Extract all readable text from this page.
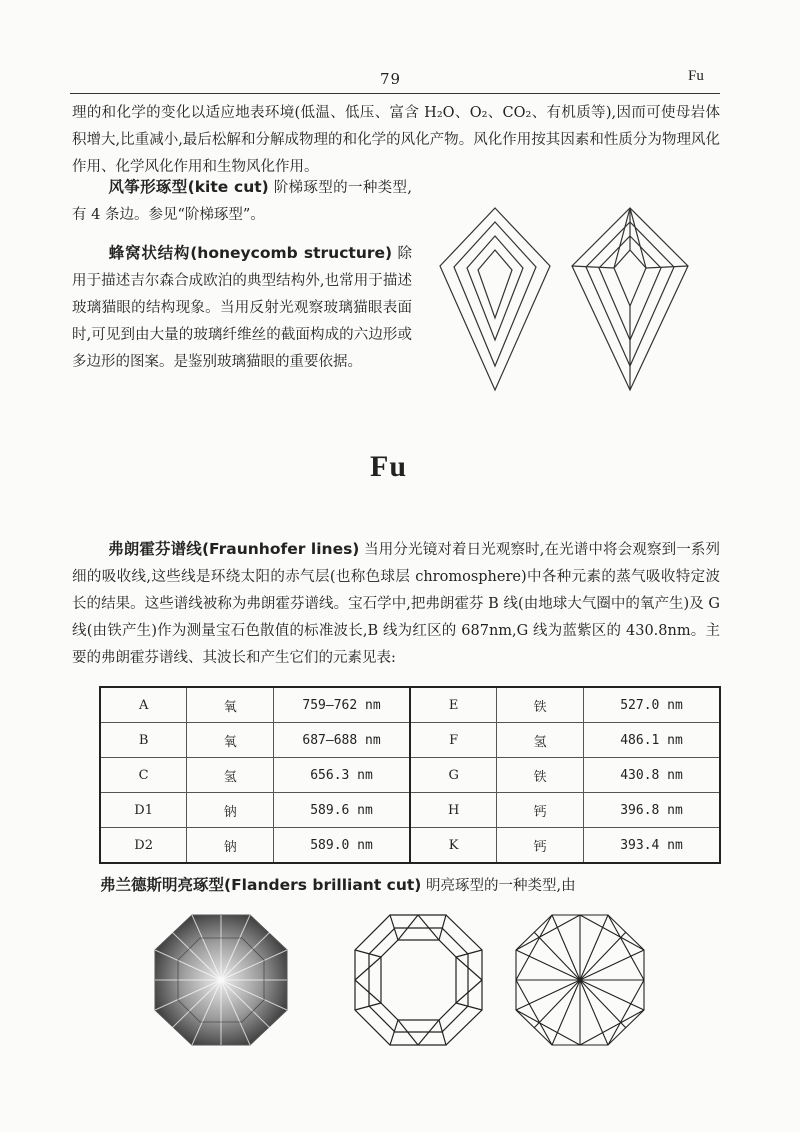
79	Fu
理的和化学的变化以适应地表环境(低温、低压、富含 H₂O、O₂、CO₂、有机质等),因而可使母岩体积增大,比重减小,最后松解和分解成物理的和化学的风化产物。风化作用按其因素和性质分为物理风化作用、化学风化作用和生物风化作用。
风筝形琢型(kite cut) 阶梯琢型的一种类型,有 4 条边。参见“阶梯琢型”。
蜂窝状结构(honeycomb structure) 除用于描述吉尔森合成欧泊的典型结构外,也常用于描述玻璃猫眼的结构现象。当用反射光观察玻璃猫眼表面时,可见到由大量的玻璃纤维丝的截面构成的六边形或多边形的图案。是鉴别玻璃猫眼的重要依据。
Fu
弗朗霍芬谱线(Fraunhofer lines) 当用分光镜对着日光观察时,在光谱中将会观察到一系列细的吸收线,这些线是环绕太阳的赤气层(也称色球层 chromosphere)中各种元素的蒸气吸收特定波长的结果。这些谱线被称为弗朗霍芬谱线。宝石学中,把弗朗霍芬 B 线(由地球大气圈中的氧产生)及 G 线(由铁产生)作为测量宝石色散值的标准波长,B 线为红区的 687nm,G 线为蓝紫区的 430.8nm。主要的弗朗霍芬谱线、其波长和产生它们的元素见表:
A	氧	759—762 nm	E	铁	527.0 nm
B	氧	687—688 nm	F	氢	486.1 nm
C	氢	656.3 nm	G	铁	430.8 nm
D1	钠	589.6 nm	H	钙	396.8 nm
D2	钠	589.0 nm	K	钙	393.4 nm
弗兰德斯明亮琢型(Flanders brilliant cut) 明亮琢型的一种类型,由
